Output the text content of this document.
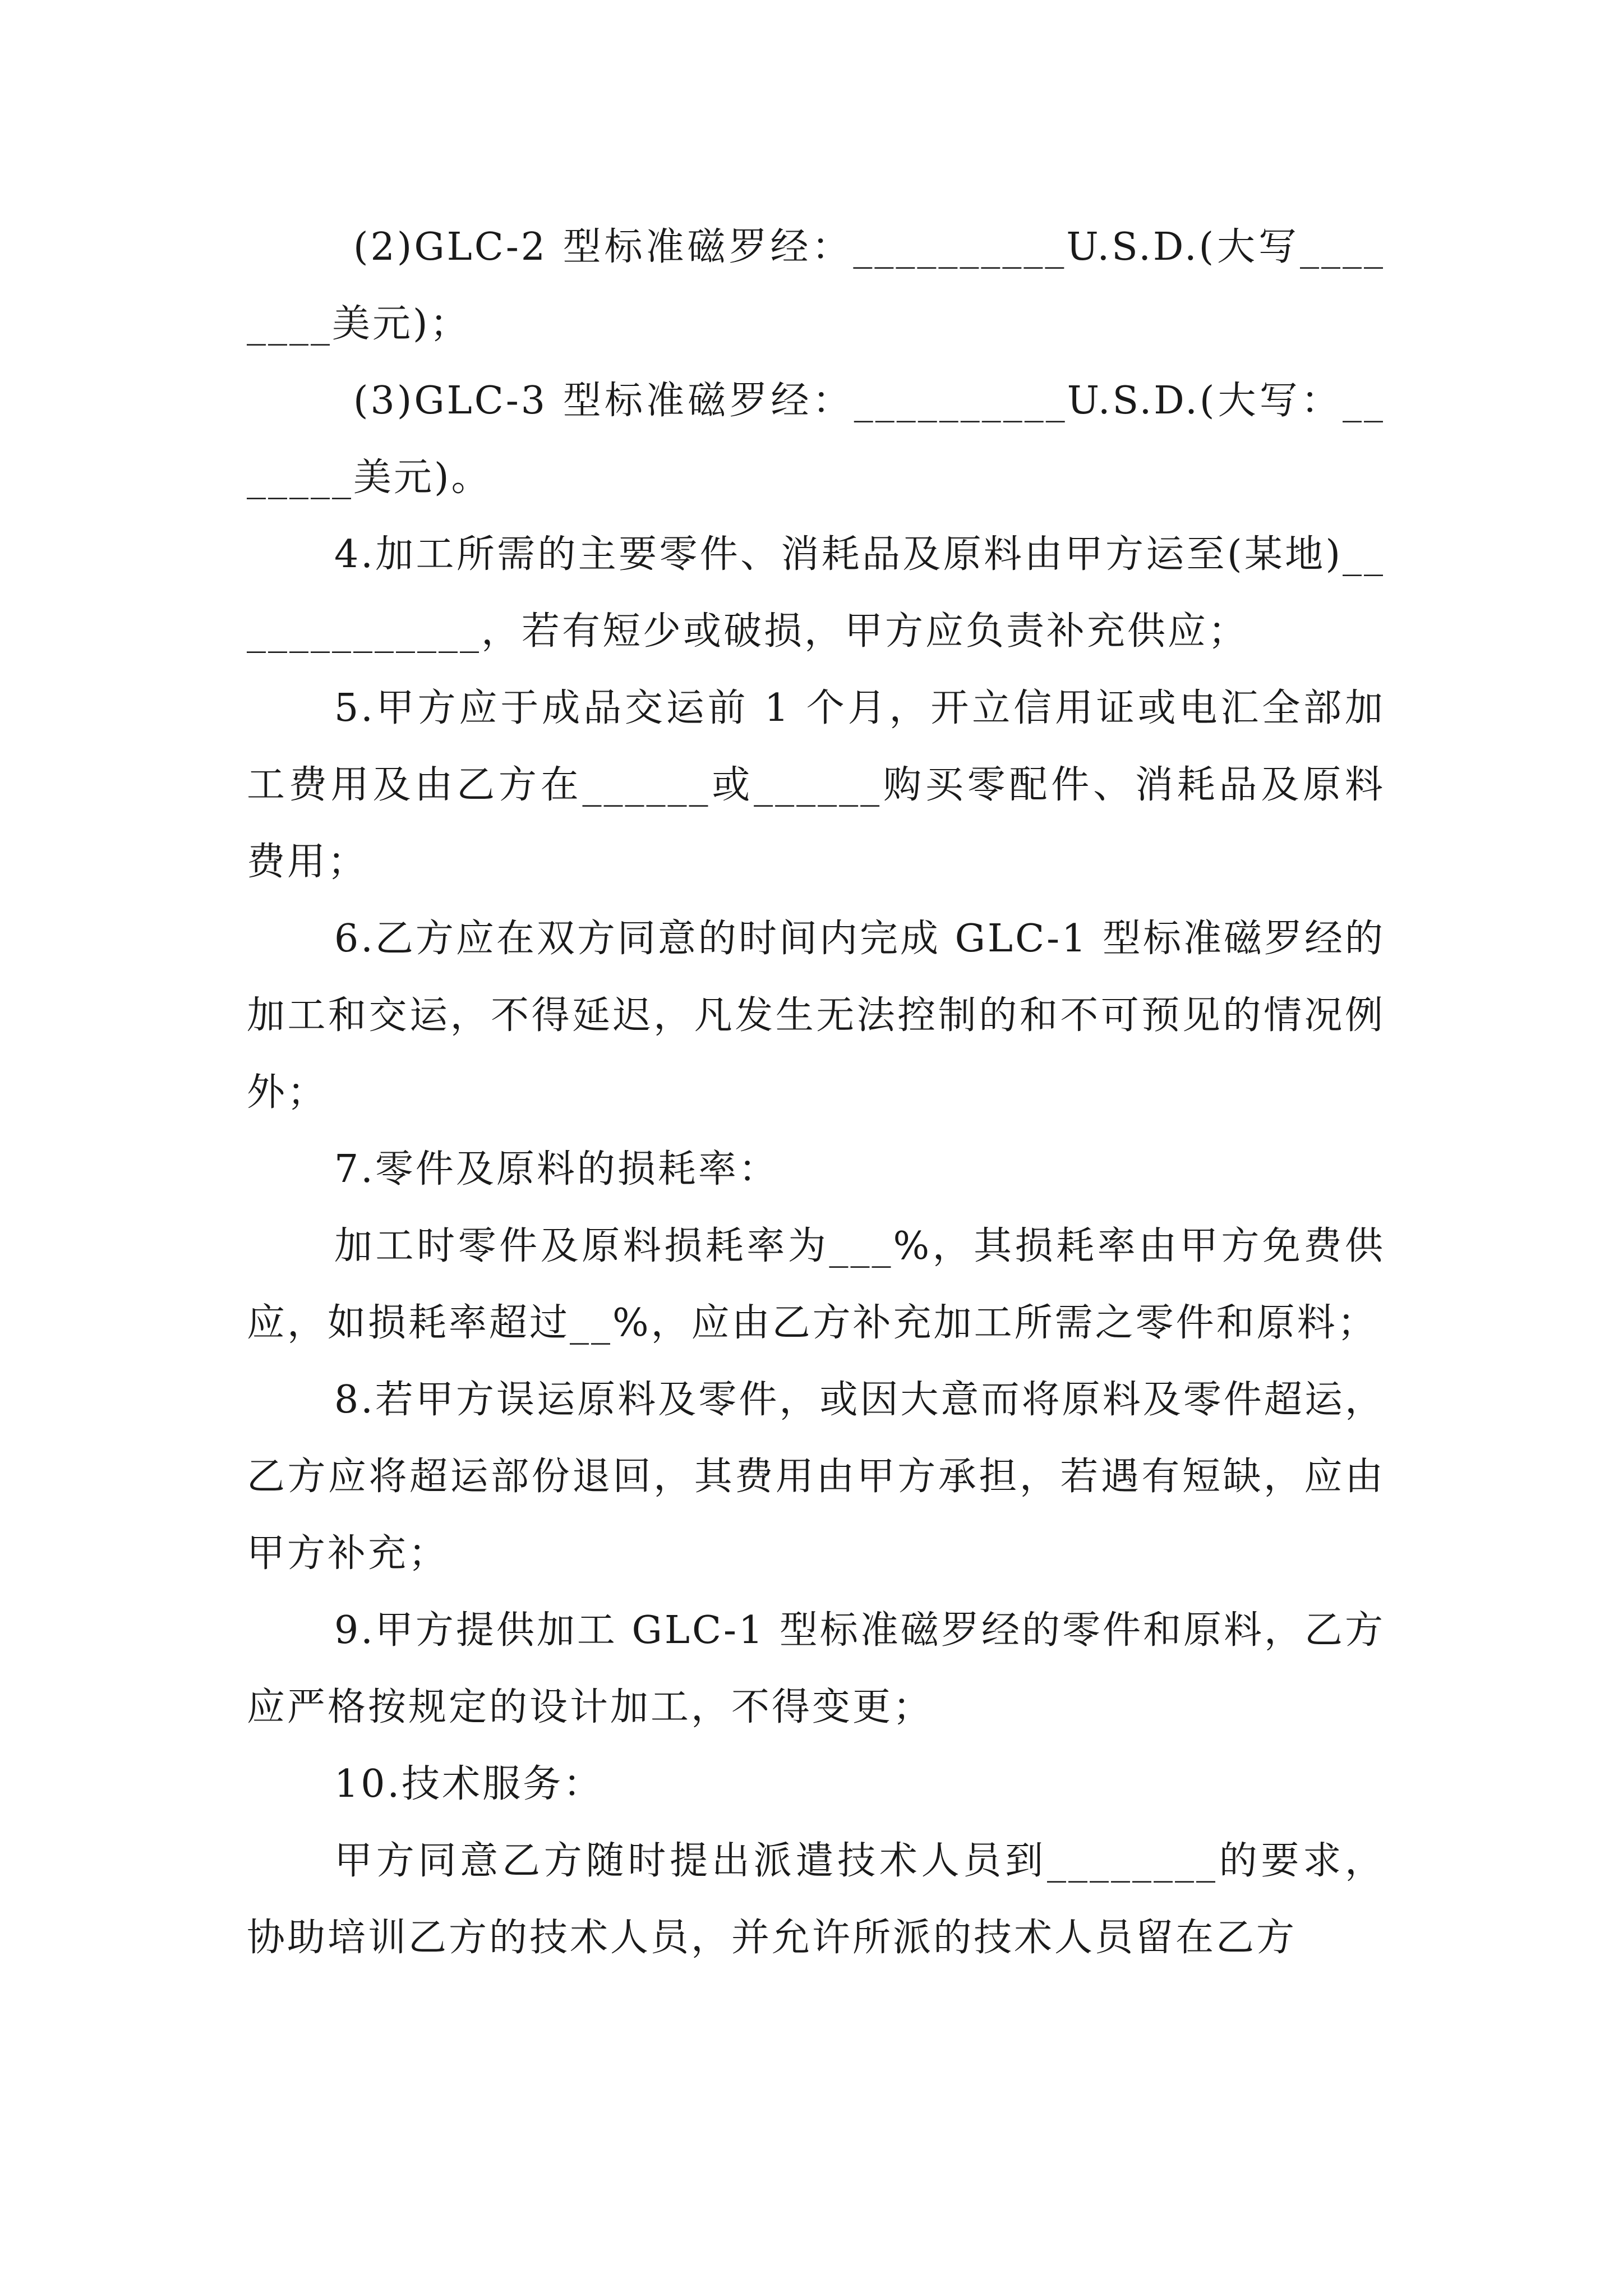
(2)GLC-2 型标准磁罗经：__________U.S.D.(大写________美元)；

(3)GLC-3 型标准磁罗经：__________U.S.D.(大写：_______美元)。

4.加工所需的主要零件、消耗品及原料由甲方运至(某地)_____________，若有短少或破损，甲方应负责补充供应；

5.甲方应于成品交运前 1 个月，开立信用证或电汇全部加工费用及由乙方在______或______购买零配件、消耗品及原料费用；

6.乙方应在双方同意的时间内完成 GLC-1 型标准磁罗经的加工和交运，不得延迟，凡发生无法控制的和不可预见的情况例外；

7.零件及原料的损耗率：

加工时零件及原料损耗率为___%，其损耗率由甲方免费供应，如损耗率超过__%，应由乙方补充加工所需之零件和原料；

8.若甲方误运原料及零件，或因大意而将原料及零件超运，乙方应将超运部份退回，其费用由甲方承担，若遇有短缺，应由甲方补充；

9.甲方提供加工 GLC-1 型标准磁罗经的零件和原料，乙方应严格按规定的设计加工，不得变更；

10.技术服务：

甲方同意乙方随时提出派遣技术人员到________的要求，协助培训乙方的技术人员，并允许所派的技术人员留在乙方
